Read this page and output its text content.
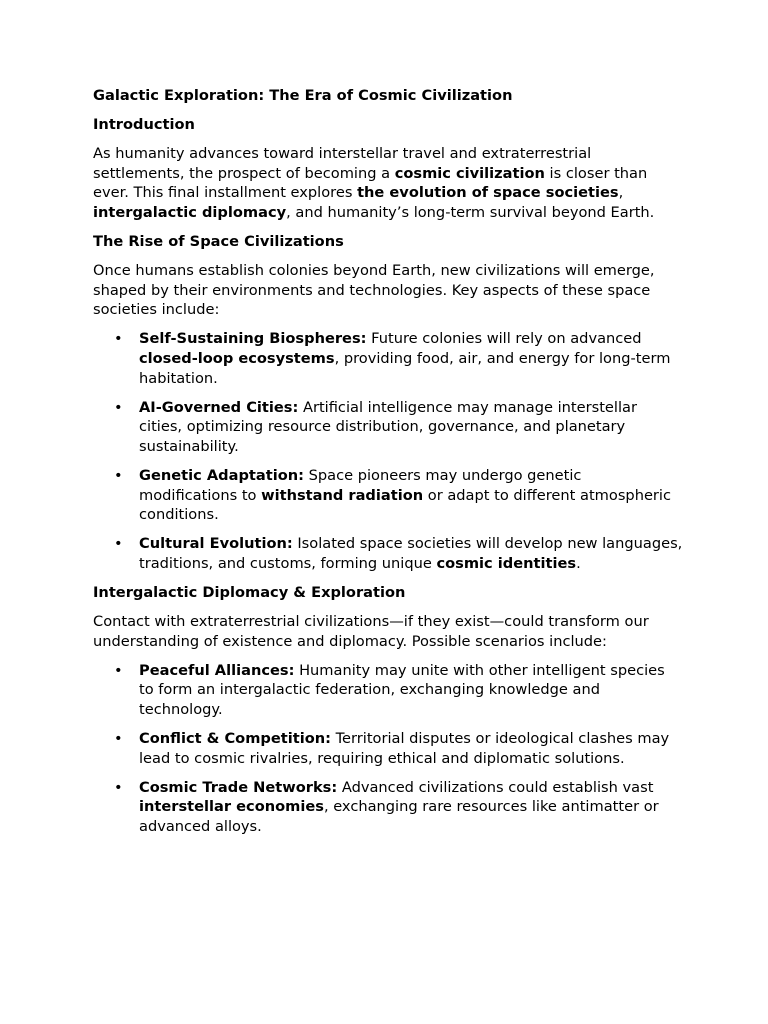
Galactic Exploration: The Era of Cosmic Civilization
Introduction

As humanity advances toward interstellar travel and extraterrestrial settlements, the prospect of becoming a cosmic civilization is closer than ever. This final installment explores the evolution of space societies, intergalactic diplomacy, and humanity’s long-term survival beyond Earth.

The Rise of Space Civilizations

Once humans establish colonies beyond Earth, new civilizations will emerge, shaped by their environments and technologies. Key aspects of these space societies include:

• Self-Sustaining Biospheres: Future colonies will rely on advanced closed-loop ecosystems, providing food, air, and energy for long-term habitation.
• AI-Governed Cities: Artificial intelligence may manage interstellar cities, optimizing resource distribution, governance, and planetary sustainability.
• Genetic Adaptation: Space pioneers may undergo genetic modifications to withstand radiation or adapt to different atmospheric conditions.
• Cultural Evolution: Isolated space societies will develop new languages, traditions, and customs, forming unique cosmic identities.
Intergalactic Diplomacy & Exploration

Contact with extraterrestrial civilizations—if they exist—could transform our understanding of existence and diplomacy. Possible scenarios include:

• Peaceful Alliances: Humanity may unite with other intelligent species to form an intergalactic federation, exchanging knowledge and technology.
• Conflict & Competition: Territorial disputes or ideological clashes may lead to cosmic rivalries, requiring ethical and diplomatic solutions.
• Cosmic Trade Networks: Advanced civilizations could establish vast interstellar economies, exchanging rare resources like antimatter or advanced alloys.
